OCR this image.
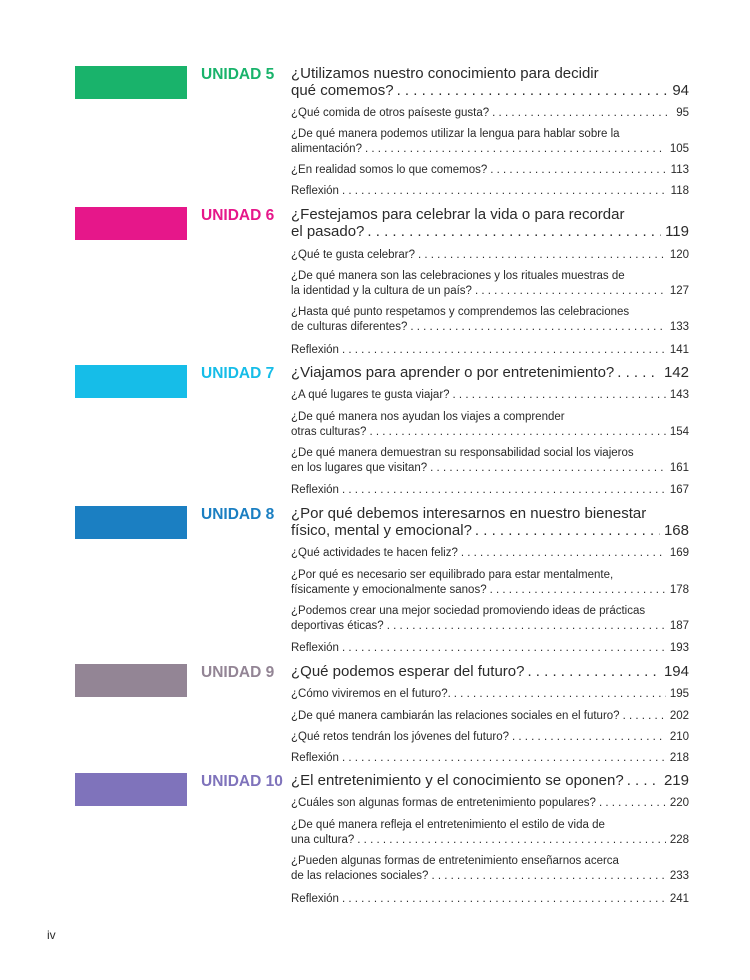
UNIDAD 5 ¿Utilizamos nuestro conocimiento para decidir
qué comemos? . . .	94
¿Qué comida de otros paíseste gusta? . . .	95
¿De qué manera podemos utilizar la lengua para hablar sobre la
alimentación? . . .	105
¿En realidad somos lo que comemos? . . .	113
Reflexión . . .	118
UNIDAD 6 ¿Festejamos para celebrar la vida o para recordar
el pasado? . . .	119
¿Qué te gusta celebrar? . . .	120
¿De qué manera son las celebraciones y los rituales muestras de
la identidad y la cultura de un país? . . .	127
¿Hasta qué punto respetamos y comprendemos las celebraciones
de culturas diferentes? . . .	133
Reflexión . . .	141
UNIDAD 7 ¿Viajamos para aprender o por entretenimiento? . . .	142
¿A qué lugares te gusta viajar? . . .	143
¿De qué manera nos ayudan los viajes a comprender
otras culturas? . . .	154
¿De qué manera demuestran su responsabilidad social los viajeros
en los lugares que visitan? . . .	161
Reflexión . . .	167
UNIDAD 8 ¿Por qué debemos interesarnos en nuestro bienestar
físico, mental y emocional? . . .	168
¿Qué actividades te hacen feliz? . . .	169
¿Por qué es necesario ser equilibrado para estar mentalmente,
físicamente y emocionalmente sanos? . . .	178
¿Podemos crear una mejor sociedad promoviendo ideas de prácticas
deportivas éticas? . . .	187
Reflexión . . .	193
UNIDAD 9 ¿Qué podemos esperar del futuro? . . .	194
¿Cómo viviremos en el futuro?. . . .	195
¿De qué manera cambiarán las relaciones sociales en el futuro? . . .	202
¿Qué retos tendrán los jóvenes del futuro? . . .	210
Reflexión . . .	218
UNIDAD 10 ¿El entretenimiento y el conocimiento se oponen? . . .	219
¿Cuáles son algunas formas de entretenimiento populares? . . .	220
¿De qué manera refleja el entretenimiento el estilo de vida de
una cultura? . . .	228
¿Pueden algunas formas de entretenimiento enseñarnos acerca
de las relaciones sociales? . . .	233
Reflexión . . .	241
iv
